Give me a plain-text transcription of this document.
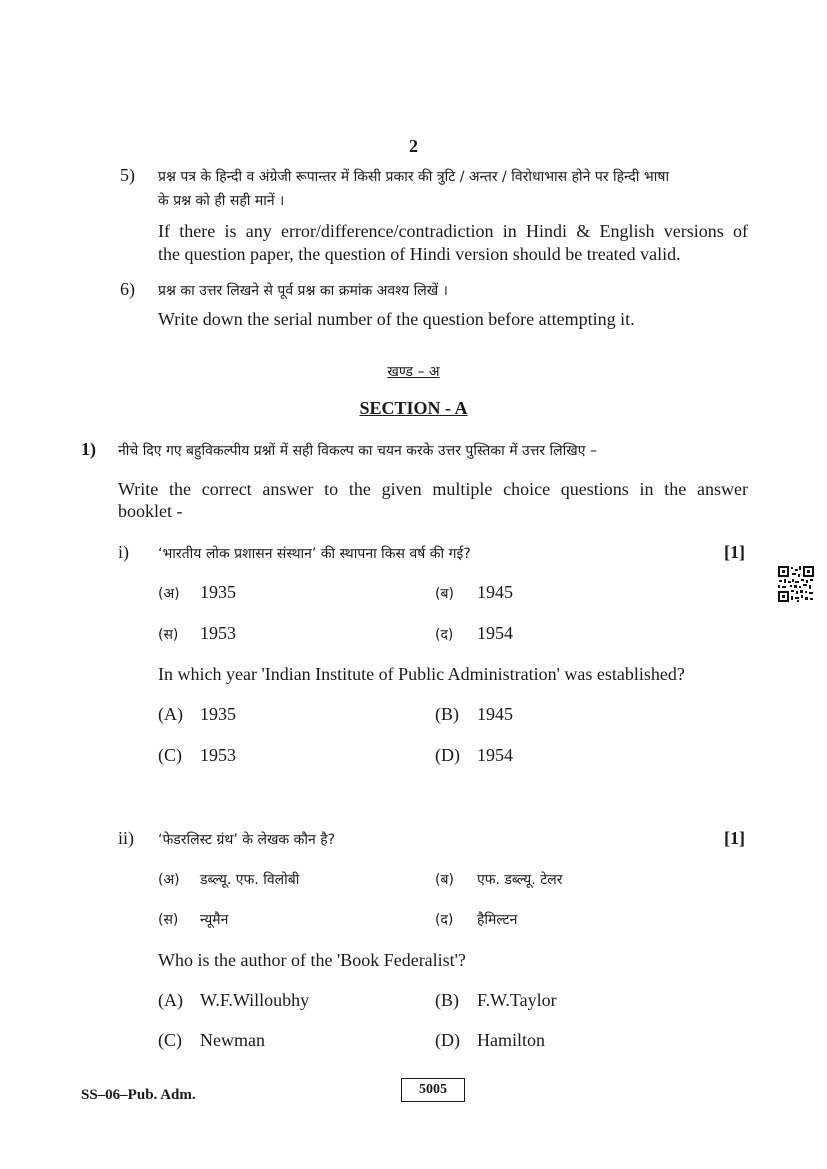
2
5) प्रश्न पत्र के हिन्दी व अंग्रेजी रूपान्तर में किसी प्रकार की त्रुटि / अन्तर / विरोधाभास होने पर हिन्दी भाषा
के प्रश्न को ही सही मानें ।
If there is any error/difference/contradiction in Hindi & English versions of
the question paper, the question of Hindi version should be treated valid.
6) प्रश्न का उत्तर लिखने से पूर्व प्रश्न का क्रमांक अवश्य लिखें ।
Write down the serial number of the question before attempting it.
खण्ड – अ
SECTION - A
1) नीचे दिए गए बहुविकल्पीय प्रश्नों में सही विकल्प का चयन करके उत्तर पुस्तिका में उत्तर लिखिए –
Write the correct answer to the given multiple choice questions in the answer
booklet -
i) ‘भारतीय लोक प्रशासन संस्थान’ की स्थापना किस वर्ष की गई?	[1]
(अ)	1935	(ब)	1945
(स)	1953	(द)	1954
In which year 'Indian Institute of Public Administration' was established?
(A) 1935	(B)	1945
(C)	1953	(D) 1954
ii) ‘फेडरलिस्ट ग्रंथ’ के लेखक कौन है?	[1]
(अ)	डब्ल्यू. एफ. विलोबी	(ब)	एफ. डब्ल्यू. टेलर
(स)	न्यूमैन	(द)	हैमिल्टन
Who is the author of the 'Book Federalist'?
(A) W.F.Willoubhy	(B)	F.W.Taylor
(C)	Newman	(D) Hamilton
SS–06–Pub. Adm.	5005
